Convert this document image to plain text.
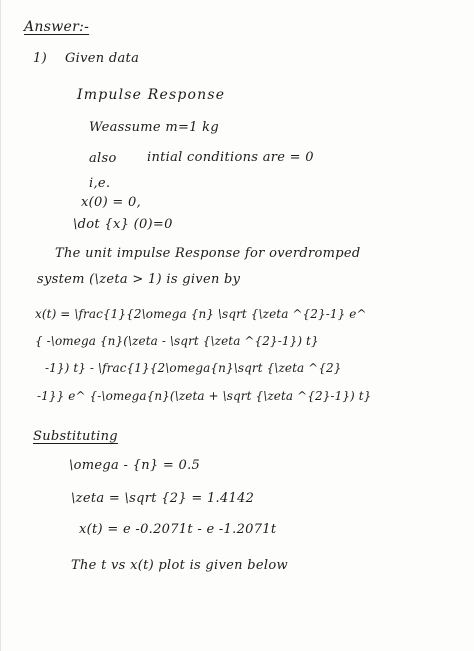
Answer:-
1) Given data
Impulse Response
Weassume m=1 kg
also intial conditions are = 0
i,e.
x(0) = 0,
\dot {x} (0)=0
The unit impulse Response for overdromped
system (\zeta > 1) is given by
x(t) = \frac{1}{2\omega {n} \sqrt {\zeta ^{2}-1} e^
{ -\omega {n}(\zeta - \sqrt {\zeta ^{2}-1}) t}
-1}) t} - \frac{1}{2\omega{n}\sqrt {\zeta ^{2}
-1}} e^ {-\omega{n}(\zeta + \sqrt {\zeta ^{2}-1}) t}
Substituting
\omega - {n} = 0.5
\zeta = \sqrt {2} = 1.4142
x(t) = e -0.2071t - e -1.2071t
The t vs x(t) plot is given below
